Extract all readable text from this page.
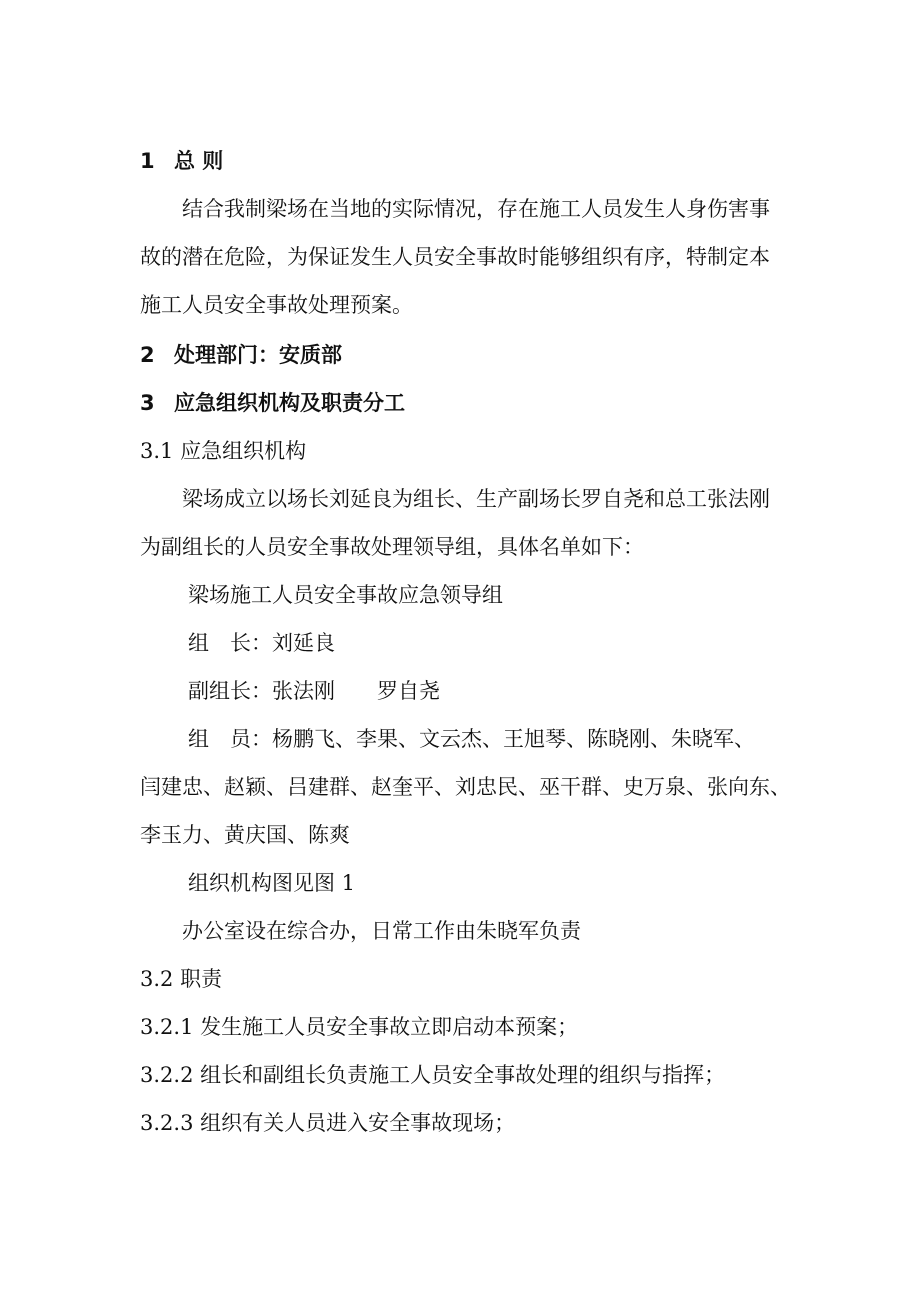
1 总 则
结合我制梁场在当地的实际情况，存在施工人员发生人身伤害事
故的潜在危险，为保证发生人员安全事故时能够组织有序，特制定本
施工人员安全事故处理预案。
2 处理部门：安质部
3 应急组织机构及职责分工
3.1 应急组织机构
梁场成立以场长刘延良为组长、生产副场长罗自尧和总工张法刚
为副组长的人员安全事故处理领导组，具体名单如下：
梁场施工人员安全事故应急领导组
组　长：刘延良
副组长：张法刚　　罗自尧
组　员：杨鹏飞、李果、文云杰、王旭琴、陈晓刚、朱晓军、
闫建忠、赵颖、吕建群、赵奎平、刘忠民、巫干群、史万泉、张向东、
李玉力、黄庆国、陈爽
组织机构图见图 1
办公室设在综合办，日常工作由朱晓军负责
3.2 职责
3.2.1 发生施工人员安全事故立即启动本预案；
3.2.2 组长和副组长负责施工人员安全事故处理的组织与指挥；
3.2.3 组织有关人员进入安全事故现场；
